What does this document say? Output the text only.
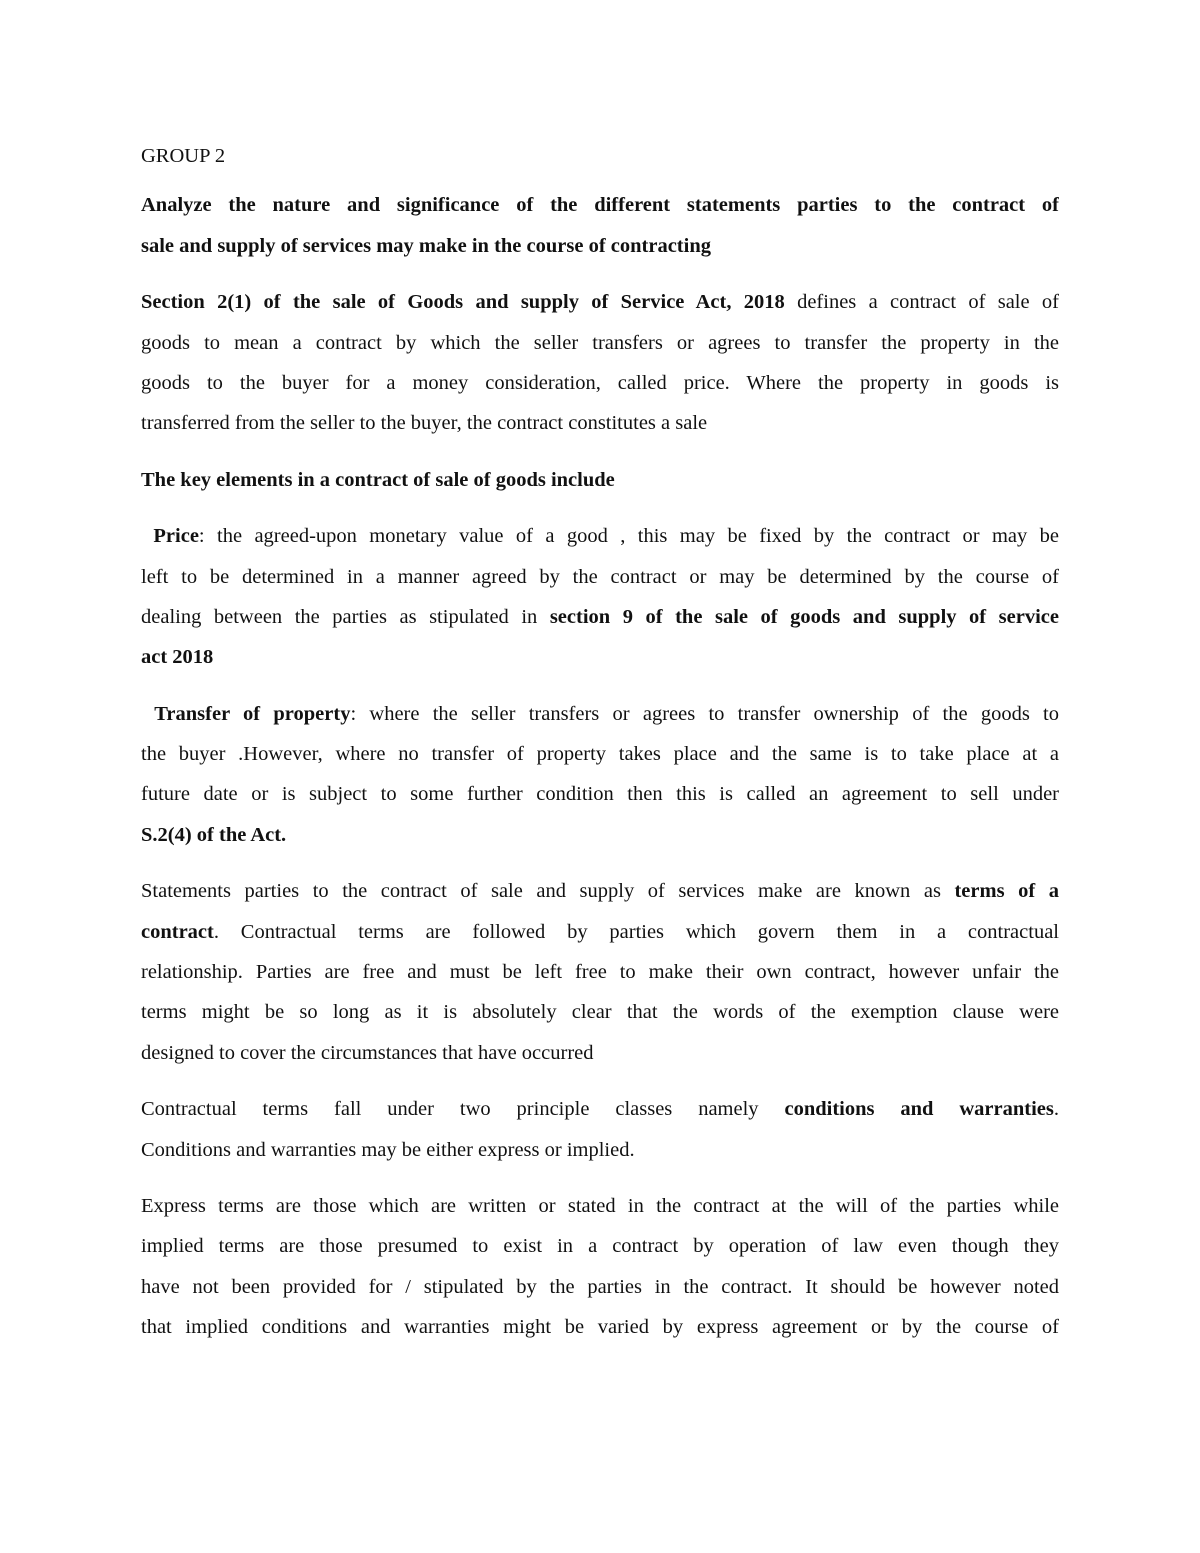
GROUP 2
Analyze the nature and significance of the different statements parties to the contract of
sale and supply of services may make in the course of contracting
Section 2(1) of the sale of Goods and supply of Service Act, 2018 defines a contract of sale of
goods to mean a contract by which the seller transfers or agrees to transfer the property in the
goods to the buyer for a money consideration, called price. Where the property in goods is
transferred from the seller to the buyer, the contract constitutes a sale
The key elements in a contract of sale of goods include
Price: the agreed-upon monetary value of a good , this may be fixed by the contract or may be
left to be determined in a manner agreed by the contract or may be determined by the course of
dealing between the parties as stipulated in section 9 of the sale of goods and supply of service
act 2018
Transfer of property: where the seller transfers or agrees to transfer ownership of the goods to
the buyer .However, where no transfer of property takes place and the same is to take place at a
future date or is subject to some further condition then this is called an agreement to sell under
S.2(4) of the Act.
Statements parties to the contract of sale and supply of services make are known as terms of a
contract. Contractual terms are followed by parties which govern them in a contractual
relationship. Parties are free and must be left free to make their own contract, however unfair the
terms might be so long as it is absolutely clear that the words of the exemption clause were
designed to cover the circumstances that have occurred
Contractual terms fall under two principle classes namely conditions and warranties.
Conditions and warranties may be either express or implied.
Express terms are those which are written or stated in the contract at the will of the parties while
implied terms are those presumed to exist in a contract by operation of law even though they
have not been provided for / stipulated by the parties in the contract. It should be however noted
that implied conditions and warranties might be varied by express agreement or by the course of
